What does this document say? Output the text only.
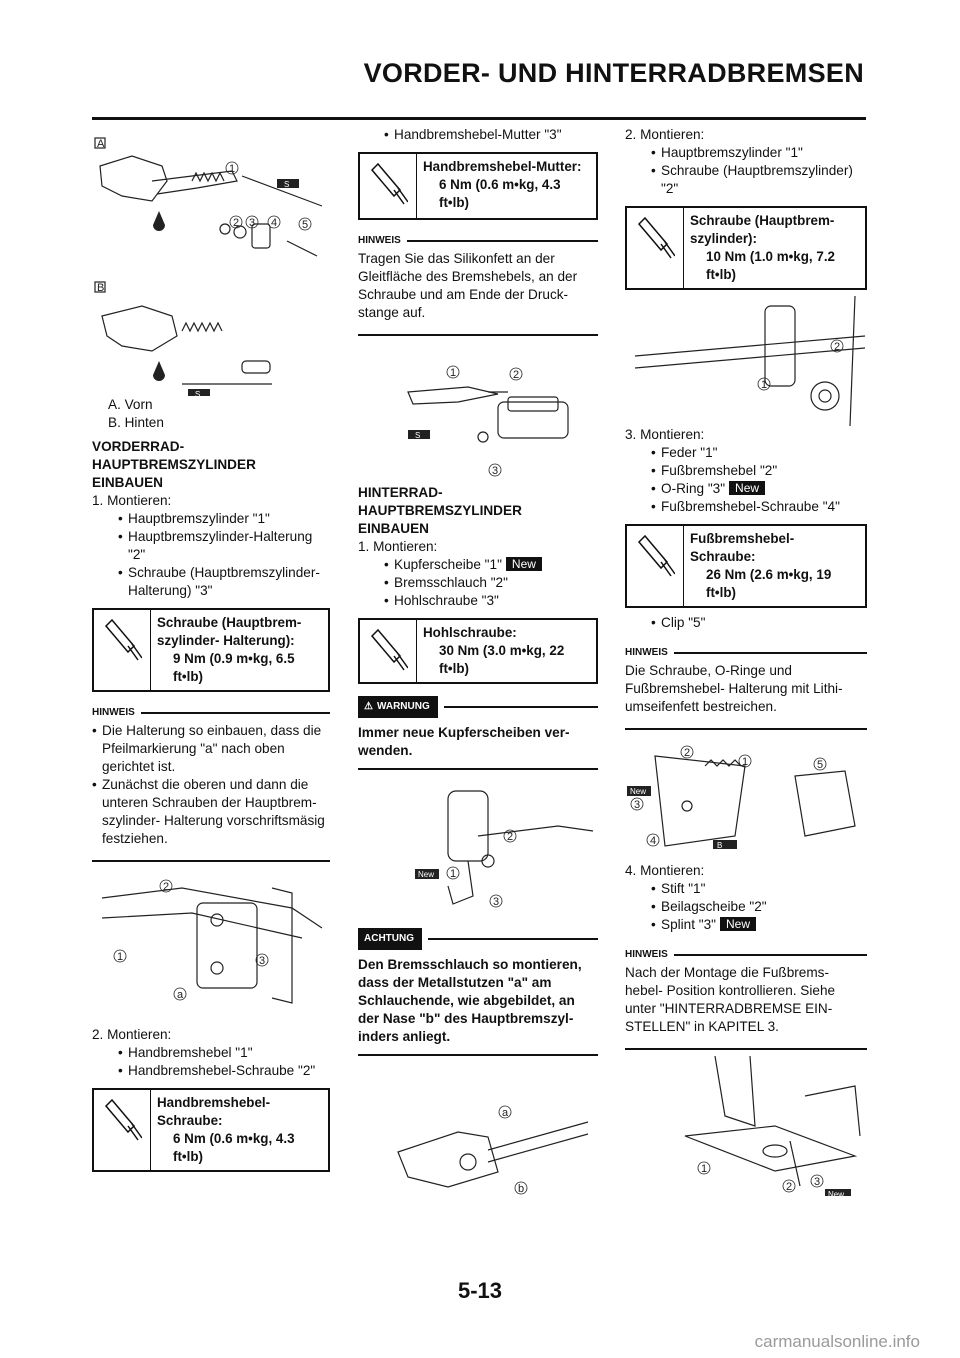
VORDER- UND HINTERRADBREMSEN
A
B
1
2 3 4 5
BF
S
BF
S

A. Vorn

B. Hinten

VORDERRAD-
HAUPTBREMSZYLINDER
EINBAUEN

1. Montieren:

• Hauptbremszylinder "1"

• Hauptbremszylinder-Halterung "2"

• Schraube (Hauptbremszylinder- Halterung) "3"

Schraube (Hauptbrem-
szylinder- Halterung):
9 Nm (0.9 m•kg, 6.5
ft•lb)
HINWEIS

• Die Halterung so einbauen, dass die Pfeilmarkierung "a" nach oben gerichtet ist.

• Zunächst die oberen und dann die unteren Schrauben der Hauptbrem- szylinder- Halterung vorschriftsmäsig festziehen.

2
1	3
a

2. Montieren:

• Handbremshebel "1"

• Handbremshebel-Schraube "2"

Handbremshebel-
Schraube:
6 Nm (0.6 m•kg, 4.3
ft•lb)

• Handbremshebel-Mutter "3"

Handbremshebel-Mutter:
6 Nm (0.6 m•kg, 4.3
ft•lb)
HINWEIS

Tragen Sie das Silikonfett an der Gleitfläche des Bremshebels, an der Schraube und am Ende der Druck- stange auf.

S
1	2
3
HINTERRAD-
HAUPTBREMSZYLINDER
EINBAUEN

1. Montieren:

• Kupferscheibe "1" New

• Bremsschlauch "2"

• Hohlschraube "3"

Hohlschraube:
30 Nm (3.0 m•kg, 22
ft•lb)
⚠ WARNUNG

Immer neue Kupferscheiben ver- wenden.

New
2
1
3
ACHTUNG

Den Bremsschlauch so montieren, dass der Metallstutzen "a" am Schlauchende, wie abgebildet, an der Nase "b" des Hauptbremszyl- inders anliegt.

a
b

2. Montieren:

• Hauptbremszylinder "1"

• Schraube (Hauptbremszylinder) "2"

Schraube (Hauptbrem-
szylinder):
10 Nm (1.0 m•kg, 7.2
ft•lb)
2
1

3. Montieren:

• Feder "1"

• Fußbremshebel "2"

• O-Ring "3" New

• Fußbremshebel-Schraube "4"

Fußbremshebel-
Schraube:
26 Nm (2.6 m•kg, 19
ft•lb)

• Clip "5"

HINWEIS

Die Schraube, O-Ringe und Fußbremshebel- Halterung mit Lithi- umseifenfett bestreichen.

New
B
2
1	5
3
4

4. Montieren:

• Stift "1"

• Beilagscheibe "2"

• Splint "3" New

HINWEIS

Nach der Montage die Fußbrems- hebel- Position kontrollieren. Siehe unter "HINTERRADBREMSE EIN- STELLEN" in KAPITEL 3.

New
1
2 3
5-13
carmanualsonline.info
